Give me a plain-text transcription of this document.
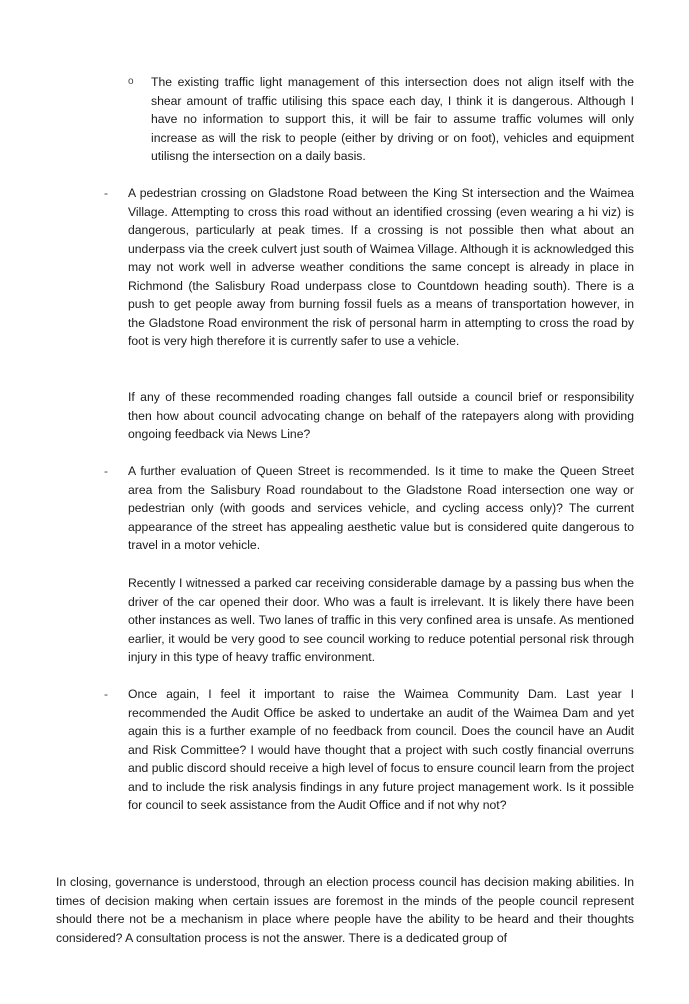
o The existing traffic light management of this intersection does not align itself with the shear amount of traffic utilising this space each day, I think it is dangerous. Although I have no information to support this, it will be fair to assume traffic volumes will only increase as will the risk to people (either by driving or on foot), vehicles and equipment utilisng the intersection on a daily basis.

- A pedestrian crossing on Gladstone Road between the King St intersection and the Waimea Village. Attempting to cross this road without an identified crossing (even wearing a hi viz) is dangerous, particularly at peak times. If a crossing is not possible then what about an underpass via the creek culvert just south of Waimea Village. Although it is acknowledged this may not work well in adverse weather conditions the same concept is already in place in Richmond (the Salisbury Road underpass close to Countdown heading south). There is a push to get people away from burning fossil fuels as a means of transportation however, in the Gladstone Road environment the risk of personal harm in attempting to cross the road by foot is very high therefore it is currently safer to use a vehicle.

If any of these recommended roading changes fall outside a council brief or responsibility then how about council advocating change on behalf of the ratepayers along with providing ongoing feedback via News Line?

- A further evaluation of Queen Street is recommended. Is it time to make the Queen Street area from the Salisbury Road roundabout to the Gladstone Road intersection one way or pedestrian only (with goods and services vehicle, and cycling access only)? The current appearance of the street has appealing aesthetic value but is considered quite dangerous to travel in a motor vehicle.

Recently I witnessed a parked car receiving considerable damage by a passing bus when the driver of the car opened their door. Who was a fault is irrelevant. It is likely there have been other instances as well. Two lanes of traffic in this very confined area is unsafe. As mentioned earlier, it would be very good to see council working to reduce potential personal risk through injury in this type of heavy traffic environment.

- Once again, I feel it important to raise the Waimea Community Dam. Last year I recommended the Audit Office be asked to undertake an audit of the Waimea Dam and yet again this is a further example of no feedback from council. Does the council have an Audit and Risk Committee? I would have thought that a project with such costly financial overruns and public discord should receive a high level of focus to ensure council learn from the project and to include the risk analysis findings in any future project management work. Is it possible for council to seek assistance from the Audit Office and if not why not?

In closing, governance is understood, through an election process council has decision making abilities. In times of decision making when certain issues are foremost in the minds of the people council represent should there not be a mechanism in place where people have the ability to be heard and their thoughts considered? A consultation process is not the answer. There is a dedicated group of
